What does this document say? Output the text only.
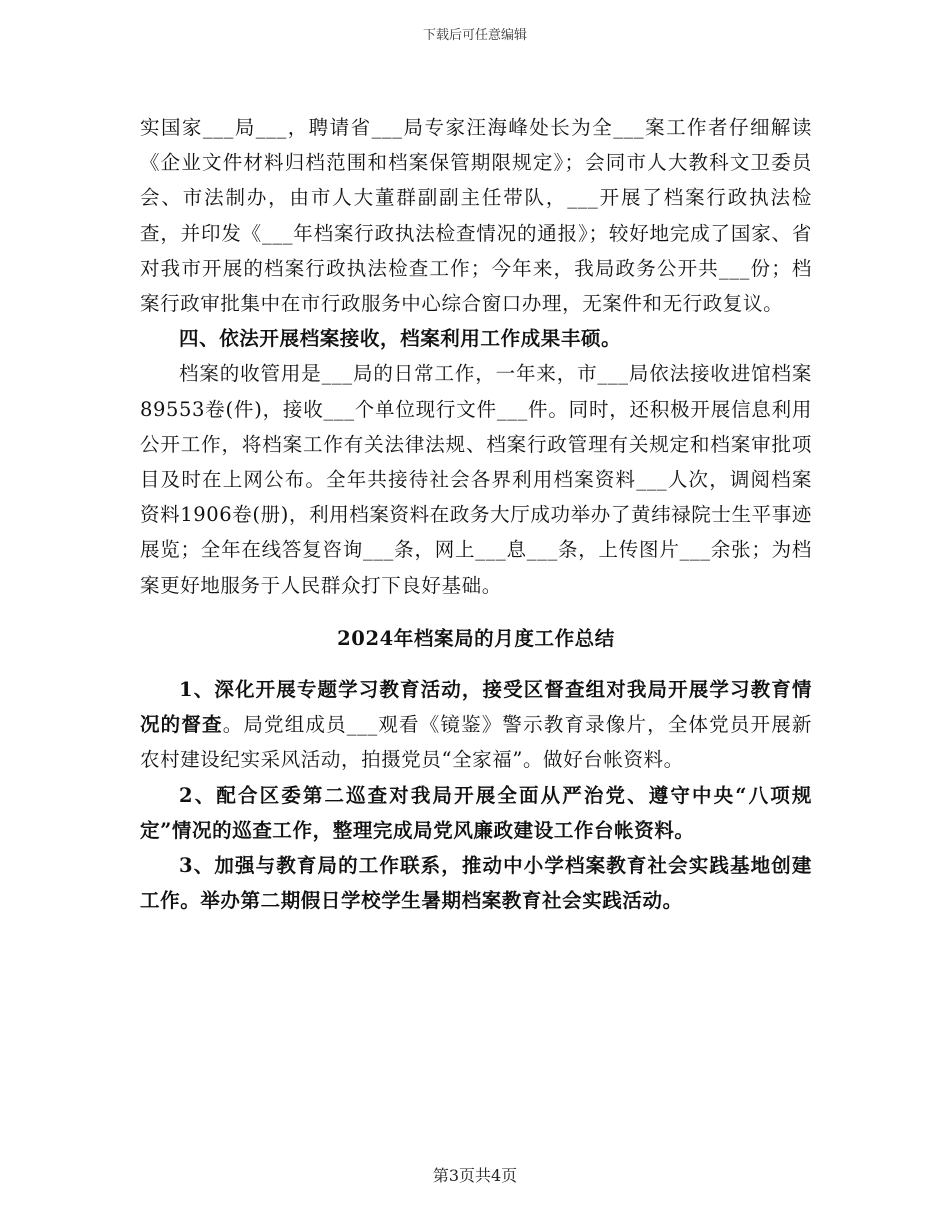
下载后可任意编辑

实国家___局___，聘请省___局专家汪海峰处长为全___案工作者仔细解读《企业文件材料归档范围和档案保管期限规定》；会同市人大教科文卫委员会、市法制办，由市人大董群副副主任带队，___开展了档案行政执法检查，并印发《___年档案行政执法检查情况的通报》；较好地完成了国家、省对我市开展的档案行政执法检查工作；今年来，我局政务公开共___份；档案行政审批集中在市行政服务中心综合窗口办理，无案件和无行政复议。

四、依法开展档案接收，档案利用工作成果丰硕。

档案的收管用是___局的日常工作，一年来，市___局依法接收进馆档案89553卷(件)，接收___个单位现行文件___件。同时，还积极开展信息利用公开工作，将档案工作有关法律法规、档案行政管理有关规定和档案审批项目及时在上网公布。全年共接待社会各界利用档案资料___人次，调阅档案资料1906卷(册)，利用档案资料在政务大厅成功举办了黄纬禄院士生平事迹展览；全年在线答复咨询___条，网上___息___条，上传图片___余张；为档案更好地服务于人民群众打下良好基础。

2024年档案局的月度工作总结

1、深化开展专题学习教育活动，接受区督查组对我局开展学习教育情况的督查。局党组成员___观看《镜鉴》警示教育录像片，全体党员开展新农村建设纪实采风活动，拍摄党员“全家福”。做好台帐资料。

2、配合区委第二巡查对我局开展全面从严治党、遵守中央“八项规定”情况的巡查工作，整理完成局党风廉政建设工作台帐资料。

3、加强与教育局的工作联系，推动中小学档案教育社会实践基地创建工作。举办第二期假日学校学生暑期档案教育社会实践活动。

第3页共4页
